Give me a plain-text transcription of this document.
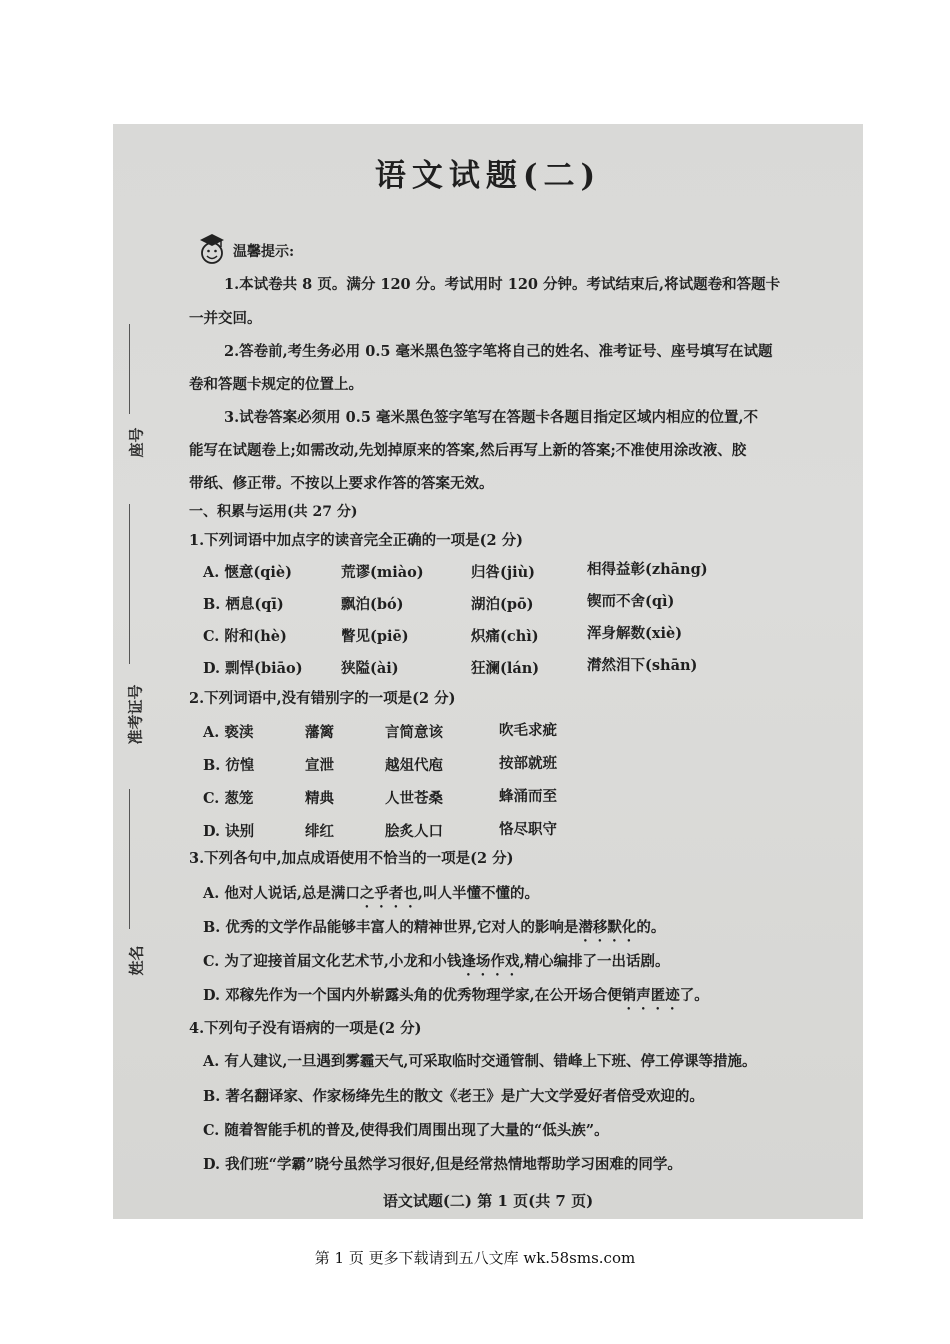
座号
准考证号
姓名
语文试题(二)
温馨提示:
1.本试卷共 8 页。满分 120 分。考试用时 120 分钟。考试结束后,将试题卷和答题卡
一并交回。
2.答卷前,考生务必用 0.5 毫米黑色签字笔将自己的姓名、准考证号、座号填写在试题
卷和答题卡规定的位置上。
3.试卷答案必须用 0.5 毫米黑色签字笔写在答题卡各题目指定区域内相应的位置,不
能写在试题卷上;如需改动,先划掉原来的答案,然后再写上新的答案;不准使用涂改液、胶
带纸、修正带。不按以上要求作答的答案无效。
一、积累与运用(共 27 分)
1.下列词语中加点字的读音完全正确的一项是(2 分)
A. 惬意(qiè)	荒谬(miào)	归咎(jiù)	相得益彰(zhāng)
B. 栖息(qī)	飘泊(bó)	湖泊(pō)	锲而不舍(qì)
C. 附和(hè)	瞥见(piē)	炽痛(chì)	浑身解数(xiè)
D. 剽悍(biāo)	狭隘(ài)	狂澜(lán)	潸然泪下(shān)
2.下列词语中,没有错别字的一项是(2 分)
A. 亵渎	藩篱	言简意该	吹毛求疵
B. 彷惶	宣泄	越俎代庖	按部就班
C. 葱笼	精典	人世苍桑	蜂涌而至
D. 诀别	绯红	脍炙人口	恪尽职守
3.下列各句中,加点成语使用不恰当的一项是(2 分)
A. 他对人说话,总是满口之乎者也,叫人半懂不懂的。
B. 优秀的文学作品能够丰富人的精神世界,它对人的影响是潜移默化的。
C. 为了迎接首届文化艺术节,小龙和小钱逢场作戏,精心编排了一出话剧。
D. 邓稼先作为一个国内外崭露头角的优秀物理学家,在公开场合便销声匿迹了。
4.下列句子没有语病的一项是(2 分)
A. 有人建议,一旦遇到雾霾天气,可采取临时交通管制、错峰上下班、停工停课等措施。
B. 著名翻译家、作家杨绛先生的散文《老王》是广大文学爱好者倍受欢迎的。
C. 随着智能手机的普及,使得我们周围出现了大量的“低头族”。
D. 我们班“学霸”晓兮虽然学习很好,但是经常热情地帮助学习困难的同学。
语文试题(二) 第 1 页(共 7 页)
第 1 页 更多下载请到五八文库 wk.58sms.com
